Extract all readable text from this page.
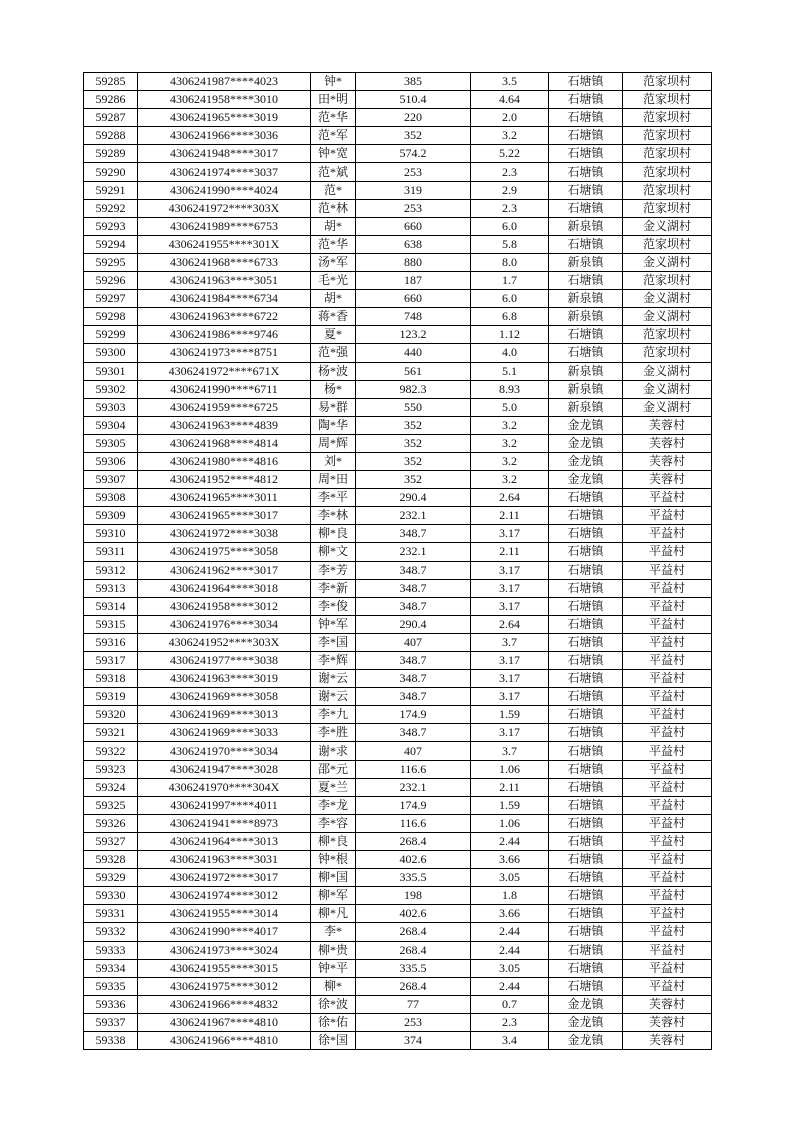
59285	4306241987****4023	钟*	385	3.5	石塘镇	范家坝村
59286	4306241958****3010	田*明	510.4	4.64	石塘镇	范家坝村
59287	4306241965****3019	范*华	220	2.0	石塘镇	范家坝村
59288	4306241966****3036	范*军	352	3.2	石塘镇	范家坝村
59289	4306241948****3017	钟*宽	574.2	5.22	石塘镇	范家坝村
59290	4306241974****3037	范*斌	253	2.3	石塘镇	范家坝村
59291	4306241990****4024	范*	319	2.9	石塘镇	范家坝村
59292	4306241972****303X	范*林	253	2.3	石塘镇	范家坝村
59293	4306241989****6753	胡*	660	6.0	新泉镇	金义湖村
59294	4306241955****301X	范*华	638	5.8	石塘镇	范家坝村
59295	4306241968****6733	汤*军	880	8.0	新泉镇	金义湖村
59296	4306241963****3051	毛*光	187	1.7	石塘镇	范家坝村
59297	4306241984****6734	胡*	660	6.0	新泉镇	金义湖村
59298	4306241963****6722	蒋*香	748	6.8	新泉镇	金义湖村
59299	4306241986****9746	夏*	123.2	1.12	石塘镇	范家坝村
59300	4306241973****8751	范*强	440	4.0	石塘镇	范家坝村
59301	4306241972****671X	杨*波	561	5.1	新泉镇	金义湖村
59302	4306241990****6711	杨*	982.3	8.93	新泉镇	金义湖村
59303	4306241959****6725	易*群	550	5.0	新泉镇	金义湖村
59304	4306241963****4839	陶*华	352	3.2	金龙镇	芙蓉村
59305	4306241968****4814	周*辉	352	3.2	金龙镇	芙蓉村
59306	4306241980****4816	刘*	352	3.2	金龙镇	芙蓉村
59307	4306241952****4812	周*田	352	3.2	金龙镇	芙蓉村
59308	4306241965****3011	李*平	290.4	2.64	石塘镇	平益村
59309	4306241965****3017	李*林	232.1	2.11	石塘镇	平益村
59310	4306241972****3038	柳*良	348.7	3.17	石塘镇	平益村
59311	4306241975****3058	柳*文	232.1	2.11	石塘镇	平益村
59312	4306241962****3017	李*芳	348.7	3.17	石塘镇	平益村
59313	4306241964****3018	李*新	348.7	3.17	石塘镇	平益村
59314	4306241958****3012	李*俊	348.7	3.17	石塘镇	平益村
59315	4306241976****3034	钟*军	290.4	2.64	石塘镇	平益村
59316	4306241952****303X	李*国	407	3.7	石塘镇	平益村
59317	4306241977****3038	李*辉	348.7	3.17	石塘镇	平益村
59318	4306241963****3019	谢*云	348.7	3.17	石塘镇	平益村
59319	4306241969****3058	谢*云	348.7	3.17	石塘镇	平益村
59320	4306241969****3013	李*九	174.9	1.59	石塘镇	平益村
59321	4306241969****3033	李*胜	348.7	3.17	石塘镇	平益村
59322	4306241970****3034	谢*求	407	3.7	石塘镇	平益村
59323	4306241947****3028	邵*元	116.6	1.06	石塘镇	平益村
59324	4306241970****304X	夏*兰	232.1	2.11	石塘镇	平益村
59325	4306241997****4011	李*龙	174.9	1.59	石塘镇	平益村
59326	4306241941****8973	李*容	116.6	1.06	石塘镇	平益村
59327	4306241964****3013	柳*良	268.4	2.44	石塘镇	平益村
59328	4306241963****3031	钟*根	402.6	3.66	石塘镇	平益村
59329	4306241972****3017	柳*国	335.5	3.05	石塘镇	平益村
59330	4306241974****3012	柳*军	198	1.8	石塘镇	平益村
59331	4306241955****3014	柳*凡	402.6	3.66	石塘镇	平益村
59332	4306241990****4017	李*	268.4	2.44	石塘镇	平益村
59333	4306241973****3024	柳*贵	268.4	2.44	石塘镇	平益村
59334	4306241955****3015	钟*平	335.5	3.05	石塘镇	平益村
59335	4306241975****3012	柳*	268.4	2.44	石塘镇	平益村
59336	4306241966****4832	徐*波	77	0.7	金龙镇	芙蓉村
59337	4306241967****4810	徐*佑	253	2.3	金龙镇	芙蓉村
59338	4306241966****4810	徐*国	374	3.4	金龙镇	芙蓉村
